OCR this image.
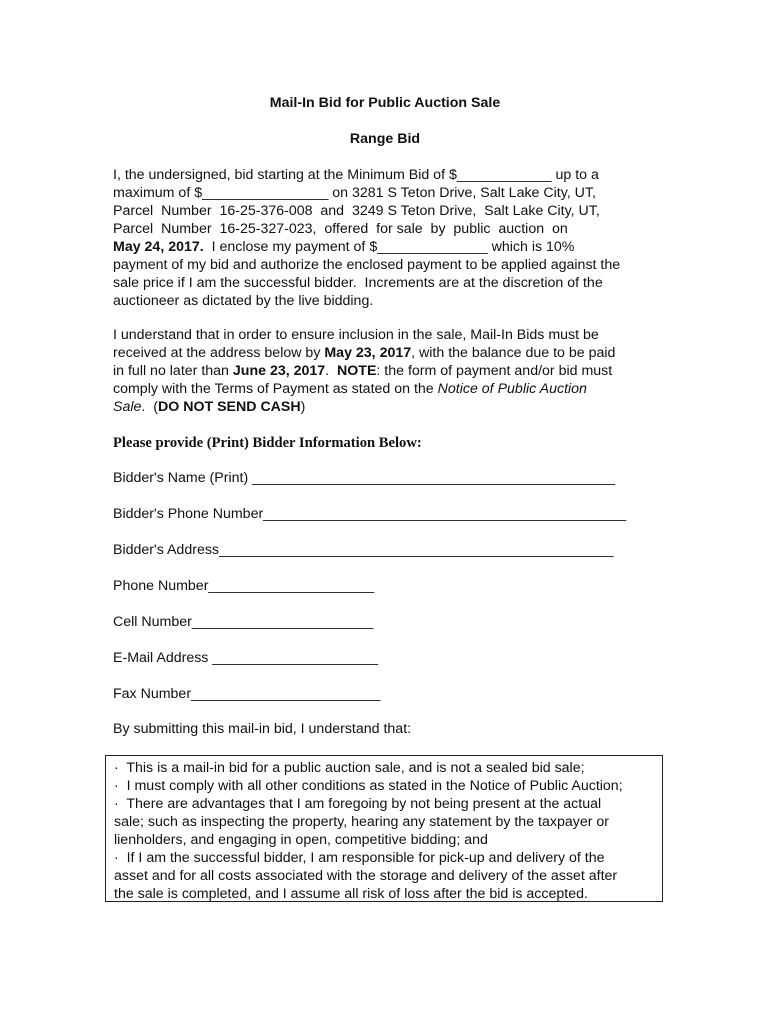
Mail-In Bid for Public Auction Sale
Range Bid
I, the undersigned, bid starting at the Minimum Bid of $____________ up to a
maximum of $________________ on 3281 S Teton Drive, Salt Lake City, UT,
Parcel  Number  16-25-376-008  and  3249 S Teton Drive,  Salt Lake City, UT,
Parcel  Number  16-25-327-023,  offered  for sale  by  public  auction  on
May 24, 2017.  I enclose my payment of $______________ which is 10%
payment of my bid and authorize the enclosed payment to be applied against the
sale price if I am the successful bidder.  Increments are at the discretion of the
auctioneer as dictated by the live bidding.
I understand that in order to ensure inclusion in the sale, Mail-In Bids must be
received at the address below by May 23, 2017, with the balance due to be paid
in full no later than June 23, 2017.  NOTE: the form of payment and/or bid must
comply with the Terms of Payment as stated on the Notice of Public Auction
Sale.  (DO NOT SEND CASH)
Please provide (Print) Bidder Information Below:
Bidder's Name (Print) ______________________________________________
Bidder's Phone Number______________________________________________
Bidder's Address__________________________________________________
Phone Number_____________________
Cell Number_______________________
E-Mail Address _____________________
Fax Number________________________
By submitting this mail-in bid, I understand that:
·  This is a mail-in bid for a public auction sale, and is not a sealed bid sale;
·  I must comply with all other conditions as stated in the Notice of Public Auction;
·  There are advantages that I am foregoing by not being present at the actual
sale; such as inspecting the property, hearing any statement by the taxpayer or
lienholders, and engaging in open, competitive bidding; and
·  If I am the successful bidder, I am responsible for pick-up and delivery of the
asset and for all costs associated with the storage and delivery of the asset after
the sale is completed, and I assume all risk of loss after the bid is accepted.
